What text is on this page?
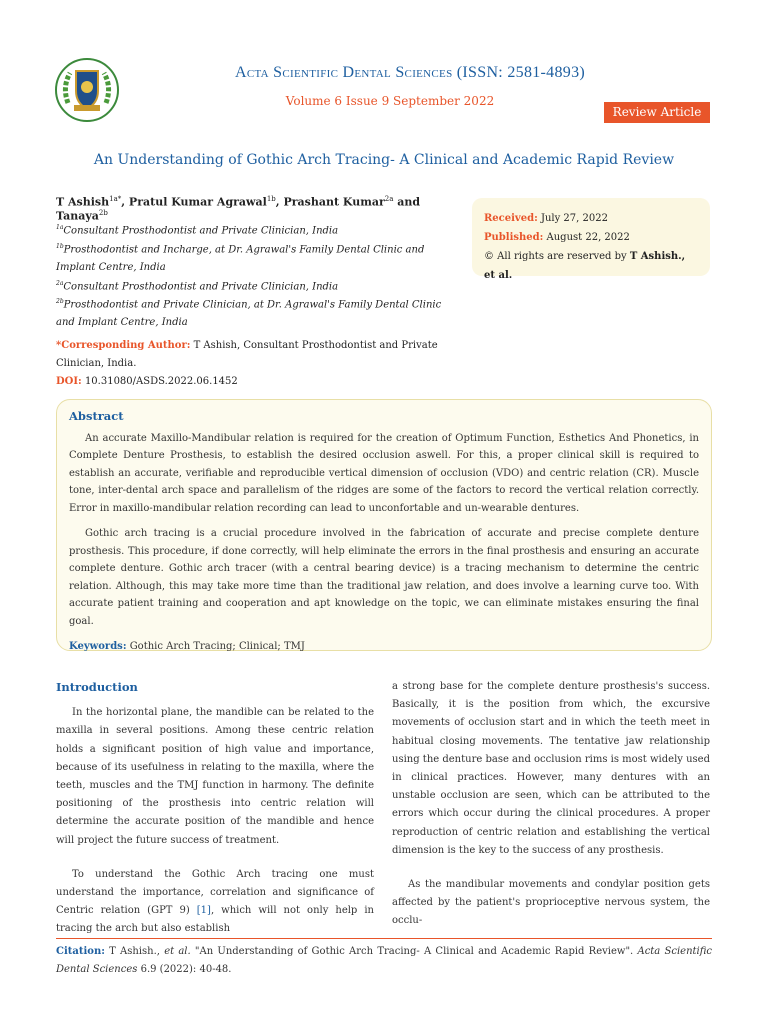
Acta Scientific Dental Sciences (ISSN: 2581-4893)
Volume 6 Issue 9 September 2022
Review Article
An Understanding of Gothic Arch Tracing- A Clinical and Academic Rapid Review
T Ashish$^{1a*}$, Pratul Kumar Agrawal$^{1b}$, Prashant Kumar$^{2a}$ and Tanaya$^{2b}$
$^{1a}$Consultant Prosthodontist and Private Clinician, India
$^{1b}$Prosthodontist and Incharge, at Dr. Agrawal's Family Dental Clinic and Implant Centre, India
$^{2a}$Consultant Prosthodontist and Private Clinician, India
$^{2b}$Prosthodontist and Private Clinician, at Dr. Agrawal's Family Dental Clinic and Implant Centre, India
*Corresponding Author: T Ashish, Consultant Prosthodontist and Private Clinician, India.
DOI: 10.31080/ASDS.2022.06.1452
Received: July 27, 2022
Published: August 22, 2022
© All rights are reserved by T Ashish., et al.
Abstract

An accurate Maxillo-Mandibular relation is required for the creation of Optimum Function, Esthetics And Phonetics, in Complete Denture Prosthesis, to establish the desired occlusion aswell. For this, a proper clinical skill is required to establish an accurate, verifiable and reproducible vertical dimension of occlusion (VDO) and centric relation (CR). Muscle tone, inter-dental arch space and parallelism of the ridges are some of the factors to record the vertical relation correctly. Error in maxillo-mandibular relation recording can lead to unconfortable and un-wearable dentures.

Gothic arch tracing is a crucial procedure involved in the fabrication of accurate and precise complete denture prosthesis. This procedure, if done correctly, will help eliminate the errors in the final prosthesis and ensuring an accurate complete denture. Gothic arch tracer (with a central bearing device) is a tracing mechanism to determine the centric relation. Although, this may take more time than the traditional jaw relation, and does involve a learning curve too. With accurate patient training and cooperation and apt knowledge on the topic, we can eliminate mistakes ensuring the final goal.

Keywords: Gothic Arch Tracing; Clinical; TMJ
Introduction

In the horizontal plane, the mandible can be related to the maxilla in several positions. Among these centric relation holds a significant position of high value and importance, because of its usefulness in relating to the maxilla, where the teeth, muscles and the TMJ function in harmony. The definite positioning of the prosthesis into centric relation will determine the accurate position of the mandible and hence will project the future success of treatment.

To understand the Gothic Arch tracing one must understand the importance, correlation and significance of Centric relation (GPT 9) [1], which will not only help in tracing the arch but also establish

a strong base for the complete denture prosthesis's success. Basically, it is the position from which, the excursive movements of occlusion start and in which the teeth meet in habitual closing movements. The tentative jaw relationship using the denture base and occlusion rims is most widely used in clinical practices. However, many dentures with an unstable occlusion are seen, which can be attributed to the errors which occur during the clinical procedures. A proper reproduction of centric relation and establishing the vertical dimension is the key to the success of any prosthesis.

As the mandibular movements and condylar position gets affected by the patient's proprioceptive nervous system, the occlu-

Citation: T Ashish., et al. "An Understanding of Gothic Arch Tracing- A Clinical and Academic Rapid Review". Acta Scientific Dental Sciences 6.9 (2022): 40-48.
